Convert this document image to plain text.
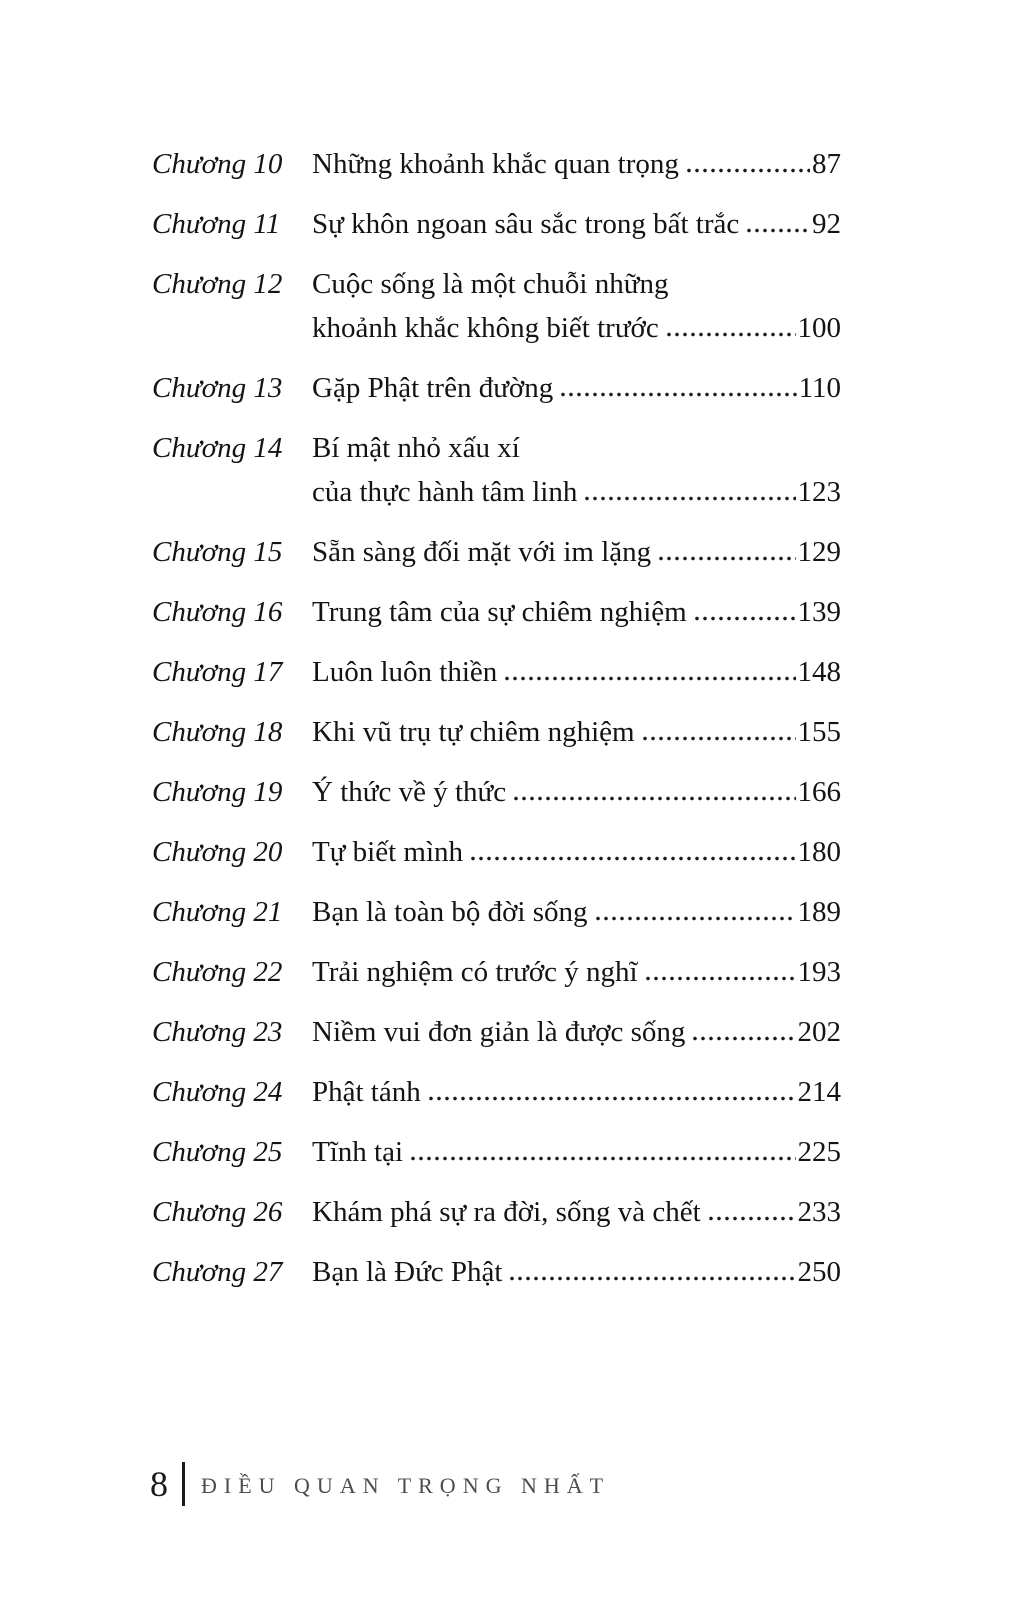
Chương 10	Những khoảnh khắc quan trọng	87
Chương 11	Sự khôn ngoan sâu sắc trong bất trắc	92
Chương 12	Cuộc sống là một chuỗi những
khoảnh khắc không biết trước	100
Chương 13	Gặp Phật trên đường	110
Chương 14	Bí mật nhỏ xấu xí
của thực hành tâm linh	123
Chương 15	Sẵn sàng đối mặt với im lặng	129
Chương 16	Trung tâm của sự chiêm nghiệm	139
Chương 17	Luôn luôn thiền	148
Chương 18	Khi vũ trụ tự chiêm nghiệm	155
Chương 19	Ý thức về ý thức	166
Chương 20	Tự biết mình	180
Chương 21	Bạn là toàn bộ đời sống	189
Chương 22	Trải nghiệm có trước ý nghĩ	193
Chương 23	Niềm vui đơn giản là được sống	202
Chương 24	Phật tánh	214
Chương 25	Tĩnh tại	225
Chương 26	Khám phá sự ra đời, sống và chết	233
Chương 27	Bạn là Đức Phật	250
8 ĐIỀU QUAN TRỌNG NHẤT
